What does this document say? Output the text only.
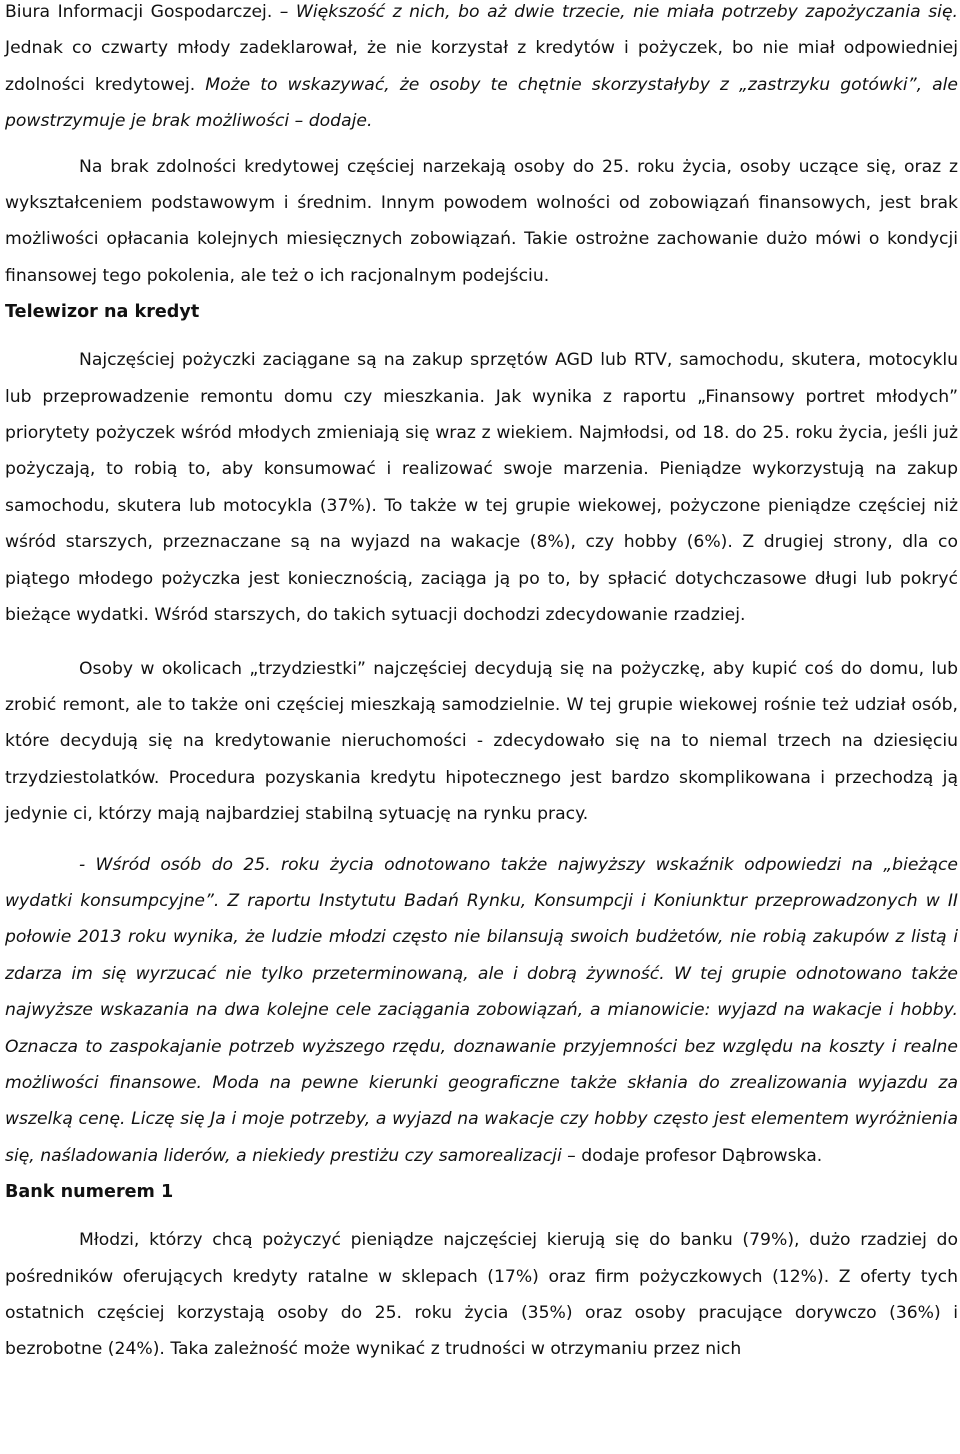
Biura Informacji Gospodarczej. – Większość z nich, bo aż dwie trzecie, nie miała potrzeby zapożyczania się. Jednak co czwarty młody zadeklarował, że nie korzystał z kredytów i pożyczek, bo nie miał odpowiedniej zdolności kredytowej. Może to wskazywać, że osoby te chętnie skorzystałyby z „zastrzyku gotówki”, ale powstrzymuje je brak możliwości – dodaje.

Na brak zdolności kredytowej częściej narzekają osoby do 25. roku życia, osoby uczące się, oraz z wykształceniem podstawowym i średnim. Innym powodem wolności od zobowiązań finansowych, jest brak możliwości opłacania kolejnych miesięcznych zobowiązań. Takie ostrożne zachowanie dużo mówi o kondycji finansowej tego pokolenia, ale też o ich racjonalnym podejściu.

Telewizor na kredyt

Najczęściej pożyczki zaciągane są na zakup sprzętów AGD lub RTV, samochodu, skutera, motocyklu lub przeprowadzenie remontu domu czy mieszkania. Jak wynika z raportu „Finansowy portret młodych” priorytety pożyczek wśród młodych zmieniają się wraz z wiekiem. Najmłodsi, od 18. do 25. roku życia, jeśli już pożyczają, to robią to, aby konsumować i realizować swoje marzenia. Pieniądze wykorzystują na zakup samochodu, skutera lub motocykla (37%). To także w tej grupie wiekowej, pożyczone pieniądze częściej niż wśród starszych, przeznaczane są na wyjazd na wakacje (8%), czy hobby (6%). Z drugiej strony, dla co piątego młodego pożyczka jest koniecznością, zaciąga ją po to, by spłacić dotychczasowe długi lub pokryć bieżące wydatki. Wśród starszych, do takich sytuacji dochodzi zdecydowanie rzadziej.

Osoby w okolicach „trzydziestki” najczęściej decydują się na pożyczkę, aby kupić coś do domu, lub zrobić remont, ale to także oni częściej mieszkają samodzielnie. W tej grupie wiekowej rośnie też udział osób, które decydują się na kredytowanie nieruchomości - zdecydowało się na to niemal trzech na dziesięciu trzydziestolatków. Procedura pozyskania kredytu hipotecznego jest bardzo skomplikowana i przechodzą ją jedynie ci, którzy mają najbardziej stabilną sytuację na rynku pracy.

- Wśród osób do 25. roku życia odnotowano także najwyższy wskaźnik odpowiedzi na „bieżące wydatki konsumpcyjne”. Z raportu Instytutu Badań Rynku, Konsumpcji i Koniunktur przeprowadzonych w II połowie 2013 roku wynika, że ludzie młodzi często nie bilansują swoich budżetów, nie robią zakupów z listą i zdarza im się wyrzucać nie tylko przeterminowaną, ale i dobrą żywność. W tej grupie odnotowano także najwyższe wskazania na dwa kolejne cele zaciągania zobowiązań, a mianowicie: wyjazd na wakacje i hobby. Oznacza to zaspokajanie potrzeb wyższego rzędu, doznawanie przyjemności bez względu na koszty i realne możliwości finansowe. Moda na pewne kierunki geograficzne także skłania do zrealizowania wyjazdu za wszelką cenę. Liczę się Ja i moje potrzeby, a wyjazd na wakacje czy hobby często jest elementem wyróżnienia się, naśladowania liderów, a niekiedy prestiżu czy samorealizacji – dodaje profesor Dąbrowska.

Bank numerem 1

Młodzi, którzy chcą pożyczyć pieniądze najczęściej kierują się do banku (79%), dużo rzadziej do pośredników oferujących kredyty ratalne w sklepach (17%) oraz firm pożyczkowych (12%). Z oferty tych ostatnich częściej korzystają osoby do 25. roku życia (35%) oraz osoby pracujące dorywczo (36%) i bezrobotne (24%). Taka zależność może wynikać z trudności w otrzymaniu przez nich
